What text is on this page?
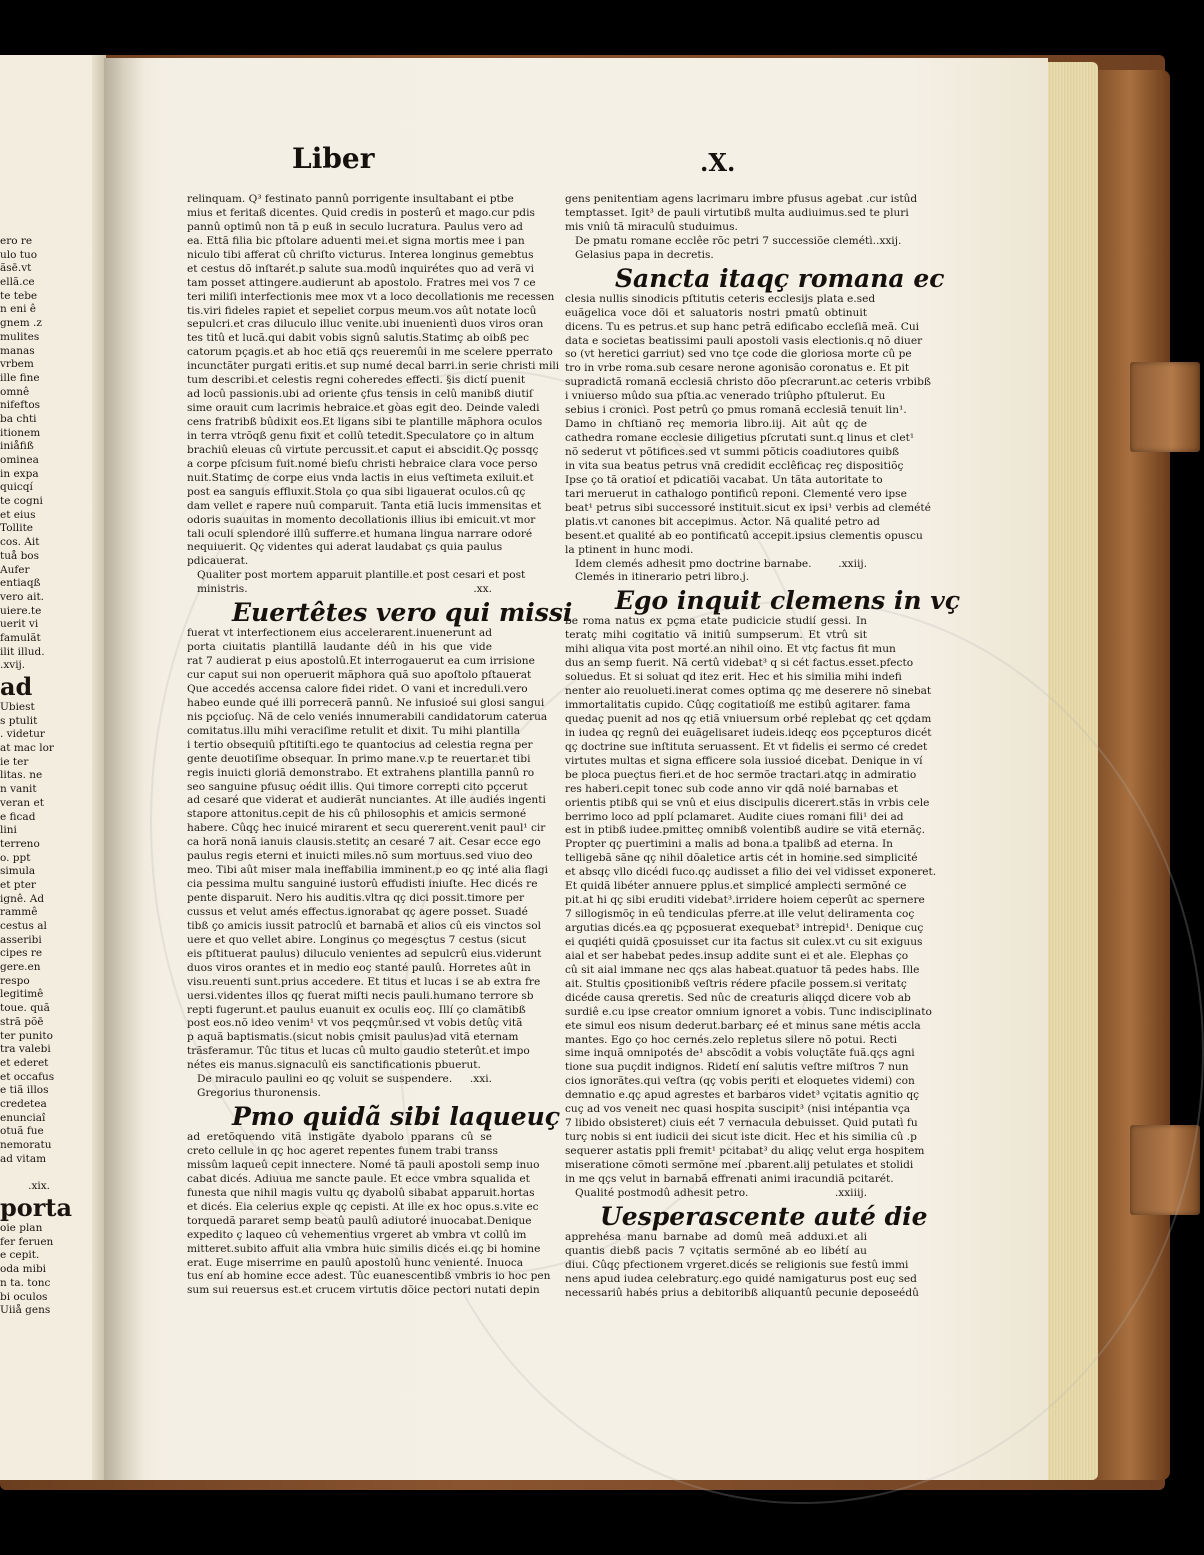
ero re
ulo tuo
ãsē.vt
ellã.ce
te tebe
n eni ê
gnem .z
mulites
manas
vrbem
ille fine
omnê
nifeftos
ba chti
itionem
iniåfiß
ominea
in expa
quicqí
te cogni
et eius
Tollite
cos. Ait
tuå bos
Aufer
entiaqß
vero ait.
uiere.te
uerit vi
famulãt
ilit illud.
.xvij.
ad
Ubiest
s ptulit
. videtur
at mac lor
ie ter
litas. ne
n vanit
veran et
e ficad
lini
terreno
o. ppt
simula
et pter
ignê. Ad
rammê
cestus al
asseribi
cipes re
gere.en
respo
legitimê
toue. quã
strã põē
ter punito
tra valebi
et ederet
et occafus
e tiã illos
credetea
enunciaî
otuã fue
nemoratu
ad vitam
.xix.
porta
oie plan
fer feruen
e cepit.
oda mibi
n ta. tonc
bi oculos
Uiiå gens
Liber	.X.
relinquam. Q³ festinato pannû porrigente insultabant ei ptbe
mius et feritaß dicentes. Quid credis in posterû et mago.cur pdis
pannû optimû non tã p euß in seculo lucratura. Paulus vero ad
ea. Ettã filia bic pſtolare aduenti mei.et signa mortis mee i pan
niculo tibi afferat cû chriſto victurus. Interea longinus gemebtus
et cestus dõ inſtarét.p salute sua.modû inquirétes quo ad verã vi
tam posset attingere.audierunt ab apostolo. Fratres mei vos 7 ce
teri miliſi interfectionis mee mox vt a loco decollationis me recessen
tis.viri fideles rapiet et sepeliet corpus meum.vos aût notate locû
sepulcri.et cras diluculo illuc venite.ubi inuenientì duos viros oran
tes titû et lucã.qui dabit vobis signû salutis.Statimç ab oibß pec
catorum pçagis.et ab hoc etiã qçs reueremûi in me scelere pperrato
incunctãter purgati eritis.et sup numé decal barri.in serie christi mili
tum describi.et celestis regni coheredes effecti. §is dictí puenit
ad locû passionis.ubi ad oriente çfus tensis in celû manibß diutiſ
sime orauit cum lacrimis hebraice.et gòas egit deo. Deinde valedi
cens fratribß bûdixit eos.Et ligans sibi te plantille mãphora oculos
in terra vtrõqß genu fixit et collû tetedit.Speculatore ço in altum
brachiû eleuas cû virtute percussit.et caput ei abscidit.Qç possqç
a corpe pſcisum fuit.nomé bieſu christi hebraice clara voce perso
nuit.Statimç de corpe eius vnda lactis in eius veſtimeta exiluit.et
post ea sanguis effluxit.Stola ço qua sibi ligauerat oculos.cû qç
dam vellet e rapere nuû comparuit. Tanta etiã lucis immensitas et
odoris suauitas in momento decollationis illius ibi emicuit.vt mor
tali oculi splendoré illû sufferre.et humana lingua narrare odoré
nequiuerit. Qç videntes qui aderat laudabat çs quia paulus
pdicauerat.
Qualiter post mortem apparuit plantille.et post cesari et post
ministris.	.xx.
Euertêtes vero qui missi
fuerat vt interfectionem eius accelerarent.inuenerunt ad
porta ciuitatis plantillã laudante déû in his que vide
rat 7 audierat p eius apostolû.Et interrogauerut ea cum irrisione
cur caput sui non operuerit mãphora quã suo apoſtolo pſtauerat
Que accedés accensa calore fidei ridet. O vani et increduli.vero
habeo eunde qué illi porrecerã pannû. Ne infusioé sui glosi sangui
nis pçcioſuç. Nã de celo veniés innumerabili candidatorum caterua
comitatus.illu mihi veraciſime retulit et dixit. Tu mihi plantilla
i tertio obsequiû pſtitiſti.ego te quantocius ad celestia regna per
gente deuotiſime obsequar. In primo mane.v.p te reuertar.et tibi
regis inuicti gloriã demonstrabo. Et extrahens plantilla pannû ro
seo sanguine pfusuç oédit illis. Qui timore correpti cito pçcerut
ad cesaré que viderat et audierãt nunciantes. At ille audiés ingenti
stapore attonitus.cepit de his cû philosophis et amicis sermoné
habere. Cûqç hec inuicé mirarent et secu quererent.venit paul¹ cir
ca horã nonã ianuis clausis.stetitç an cesaré 7 ait. Cesar ecce ego
paulus regis eterni et inuicti miles.nõ sum mortuus.sed viuo deo
meo. Tibi aût miser mala ineffabilia imminent.p eo qç inté alia flagi
cia pessima multu sanguiné iustorû effudisti iniuſte. Hec dicés re
pente disparuit. Nero his auditis.vltra qç dici possit.timore per
cussus et velut amés effectus.ignorabat qç agere posset. Suadé
tibß ço amicis iussit patroclû et barnabã et alios cû eis vinctos sol
uere et quo vellet abire. Longinus ço megesçtus 7 cestus (sicut
eis pſtituerat paulus) diluculo venientes ad sepulcrû eius.viderunt
duos viros orantes et in medio eoç stanté paulû. Horretes aût in
visu.reuenti sunt.prius accedere. Et titus et lucas i se ab extra fre
uersi.videntes illos qç fuerat miſti necis pauli.humano terrore sb
repti fugerunt.et paulus euanuit ex oculis eoç. Illí ço clamãtibß
post eos.nõ ideo venim¹ vt vos peqçmûr.sed vt vobis detûç vitã
p aquã baptismatis.(sicut nobis çmisit paulus)ad vitã eternam
trãsferamur. Tûc titus et lucas cû multo gaudio steterût.et impo
nétes eis manus.signaculû eis sanctificationis pbuerut.
De miraculo paulini eo qç voluit se suspendere. .xxi.
Gregorius thuronensis.
Pmo quidã sibi laqueuç
ad eretõquendo vitã instigãte dyabolo pparans cû se
creto cellule in qç hoc ageret repentes funem trabi transs
missûm laqueû cepit innectere. Nomé tã pauli apostoli semp inuo
cabat dicés. Adiuua me sancte paule. Et ecce vmbra squalida et
funesta que nihil magis vultu qç dyabolû sibabat apparuit.hortas
et dicés. Eia celerius exple qç cepisti. At ille ex hoc opus.s.vite ec
torquedã pararet semp beatû paulû adiutoré inuocabat.Denique
expedito ç laqueo cû vehementius vrgeret ab vmbra vt collû im
mitteret.subito affuit alia vmbra huic similis dicés ei.qç bi homine
erat. Euge miserrime en paulû apostolû hunc venienté. Inuoca
tus ení ab homine ecce adest. Tûc euanescentibß vmbris io hoc pen
sum sui reuersus est.et crucem virtutis dõice pectori nutati depin
gens penitentiam agens lacrimaru imbre pfusus agebat .cur istûd
temptasset. Igit³ de pauli virtutibß multa audiuimus.sed te pluri
mis vniû tã miraculû studuimus.
De pmatu romane ecclêe rõc petri 7 successiõe clemétì. .xxij.
Gelasius papa in decretis.
Sancta itaqç romana ec
clesia nullis sinodicis pſtitutis ceteris ecclesijs plata e.sed
euãgelica voce dõi et saluatoris nostri pmatû obtinuit
dicens. Tu es petrus.et sup hanc petrã edificabo eccleſiã meã. Cui
data e societas beatissimi pauli apostoli vasis electionis.q nõ diuer
so (vt heretici garriut) sed vno tçe code die gloriosa morte cû pe
tro in vrbe roma.sub cesare nerone agonisão coronatus e. Et pit
supradictã romanã ecclesiã christo dõo pſecrarunt.ac ceteris vrbibß
i vniuerso mûdo sua pſtia.ac venerado triûpho pſtulerut. Eu
sebius i cronicì. Post petrû ço pmus romanã ecclesiã tenuit lin¹.
Damo in chſtianõ reç memoria libro.iij. Ait aût qç de
cathedra romane ecclesie diligetius pſcrutati sunt.q linus et clet¹
nõ sederut vt põtifices.sed vt summi põticis coadiutores quibß
in vita sua beatus petrus vnã credidit ecclêficaç reç dispositiõç
Ipse ço tã oratioí et pdicatiõi vacabat. Un tãta autoritate to
tari meruerut in cathalogo pontificû reponi. Clementé vero ipse
beat¹ petrus sibi successoré instituit.sicut ex ipsi¹ verbis ad clemété
platis.vt canones bit accepimus. Actor. Nã qualité petro ad
besent.et qualité ab eo pontificatû accepit.ipsius clementis opuscu
la ptinent in hunc modi.
Idem clemés adhesit pmo doctrine barnabe.	.xxiij.
Clemés in itinerario petri libro.j.
Ego inquit clemens in vç
be roma natus ex pçma etate pudicicie studií gessi. In
teratç mihi cogitatio vã initiû sumpserum. Et vtrû sit
mihi aliqua vita post morté.an nihil oino. Et vtç factus fit mun
dus an semp fuerit. Nã certû videbat³ q si cét factus.esset.pfecto
soluedus. Et si soluat qd itez erit. Hec et his similia mihi indefi
nenter aio reuolueti.inerat comes optima qç me deserere nõ sinebat
immortalitatis cupido. Cûqç cogitatioíß me estibû agitarer. fama
quedaç puenit ad nos qç etiã vniuersum orbé replebat qç cet qçdam
in iudea qç regnû dei euãgelisaret iudeis.ideqç eos pçcepturos dicét
qç doctrine sue inſtituta seruassent. Et vt fidelis ei sermo cé credet
virtutes multas et signa efficere sola iussioé dicebat. Denique in ví
be ploca pueçtus fieri.et de hoc sermõe tractari.atqç in admiratio
res haberi.cepit tonec sub code anno vir qdã noié barnabas et
orientis ptibß qui se vnû et eius discipulis dicerert.stãs in vrbis cele
berrimo loco ad pplí pclamaret. Audite ciues romani fili¹ dei ad
est in ptibß iudee.pmitteç omnibß volentibß audire se vitã eternãç.
Propter qç puertimini a malis ad bona.a tpalibß ad eterna. In
telligebã sãne qç nihil dõaletice artis cét in homine.sed simplicité
et absqç vllo dicédi fuco.qç audisset a filio dei vel vidisset exponeret.
Et quidã libéter annuere pplus.et simplicé amplecti sermõné ce
pit.at hi qç sibi eruditi videbat³.irridere hoiem ceperût ac spernere
7 sillogismõç in eû tendiculas pferre.at ille velut deliramenta coç
argutias dicés.ea qç pçposuerat exequebat³ intrepid¹. Denique cuç
ei quqiéti quidã çposuisset cur ita factus sit culex.vt cu sit exiguus
aial et ser habebat pedes.insup addite sunt ei et ale. Elephas ço
cû sit aial immane nec qçs alas habeat.quatuor tã pedes habs. Ille
ait. Stultis çpositionibß veſtris rédere pfacile possem.si veritatç
dicéde causa qreretis. Sed nûc de creaturis aliqçd dicere vob ab
surdiê e.cu ipse creator omnium ignoret a vobis. Tunc indisciplinato
ete simul eos nisum dederut.barbarç eé et minus sane métis accla
mantes. Ego ço hoc cernés.zelo repletus silere nõ potui. Recti
sime inquã omnipotés de¹ abscõdit a vobis voluçtãte fuã.qçs agni
tione sua puçdit indignos. Ridetí ení salutis veſtre miſtros 7 nun
cios ignorãtes.qui veſtra (qç vobis periti et eloquetes videmi) con
demnatio e.qç apud agrestes et barbaros videt³ vçitatis agnitio qç
cuç ad vos veneit nec quasi hospita suscipit³ (nisi intépantia vça
7 libido obsisteret) ciuis eét 7 vernacula debuisset. Quid putatì fu
turç nobis si ent iudicii dei sicut iste dicit. Hec et his similia cû .p
sequerer astatis ppli fremit¹ pcitabat³ du aliqç velut erga hospitem
miseratione cõmoti sermõne meí .pbarent.alij petulates et stolidi
in me qçs velut in barnabã effrenati animi iracundiã pcitarét.
Qualité postmodû adhesit petro.	.xxiiij.
Uesperascente auté die
apprehésa manu barnabe ad domû meã adduxi.et ali
quantis diebß pacis 7 vçitatis sermõné ab eo libétí au
diui. Cûqç pfectionem vrgeret.dicés se religionis sue festû immi
nens apud iudea celebraturç.ego quidé namigaturus post euç sed
necessariû habés prius a debitoribß aliquantû pecunie deposeédû
